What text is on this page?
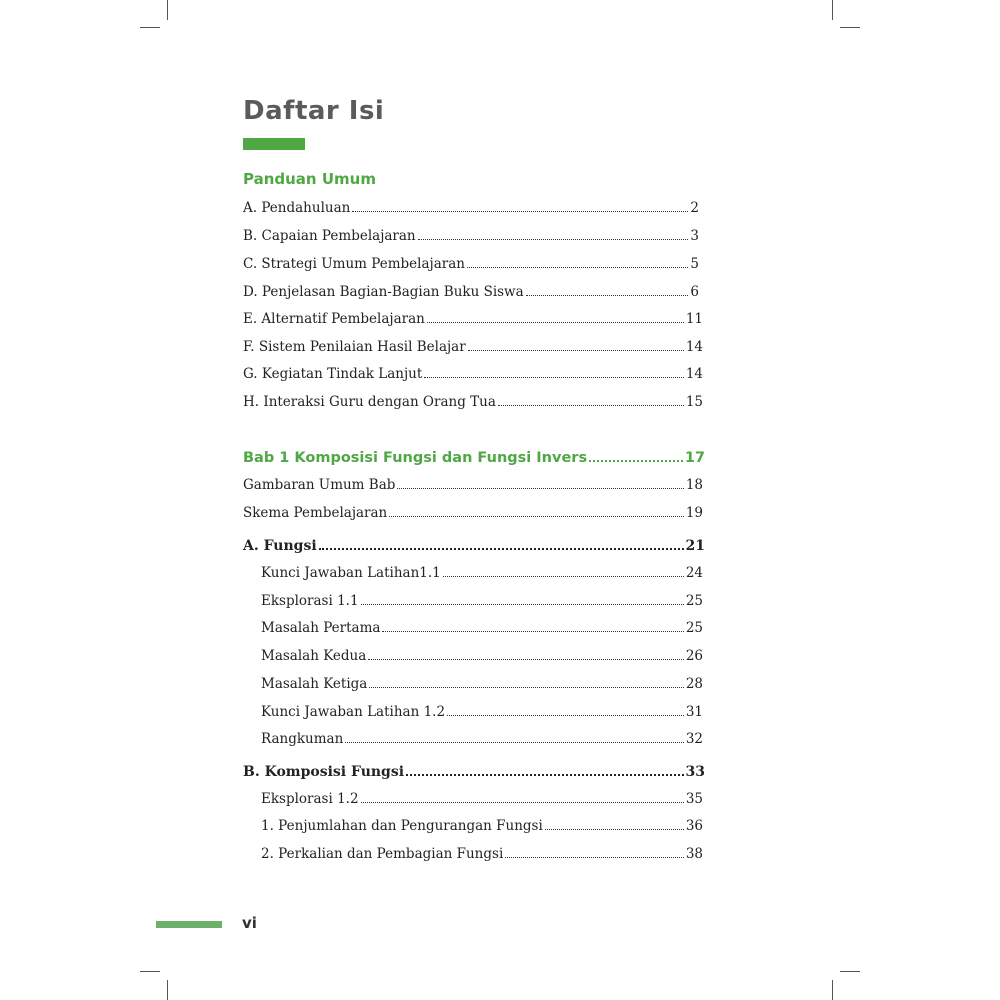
Daftar Isi
Panduan Umum
A. Pendahuluan	2
B. Capaian Pembelajaran	3
C. Strategi Umum Pembelajaran	5
D. Penjelasan Bagian-Bagian Buku Siswa	6
E. Alternatif Pembelajaran	11
F. Sistem Penilaian Hasil Belajar	14
G. Kegiatan Tindak Lanjut	14
H. Interaksi Guru dengan Orang Tua	15
Bab 1 Komposisi Fungsi dan Fungsi Invers	17
Gambaran Umum Bab	18
Skema Pembelajaran	19
A. Fungsi	21
Kunci Jawaban Latihan1.1	24
Eksplorasi 1.1	25
Masalah Pertama	25
Masalah Kedua	26
Masalah Ketiga	28
Kunci Jawaban Latihan 1.2	31
Rangkuman	32
B. Komposisi Fungsi	33
Eksplorasi 1.2	35
1. Penjumlahan dan Pengurangan Fungsi	36
2. Perkalian dan Pembagian Fungsi	38
vi
